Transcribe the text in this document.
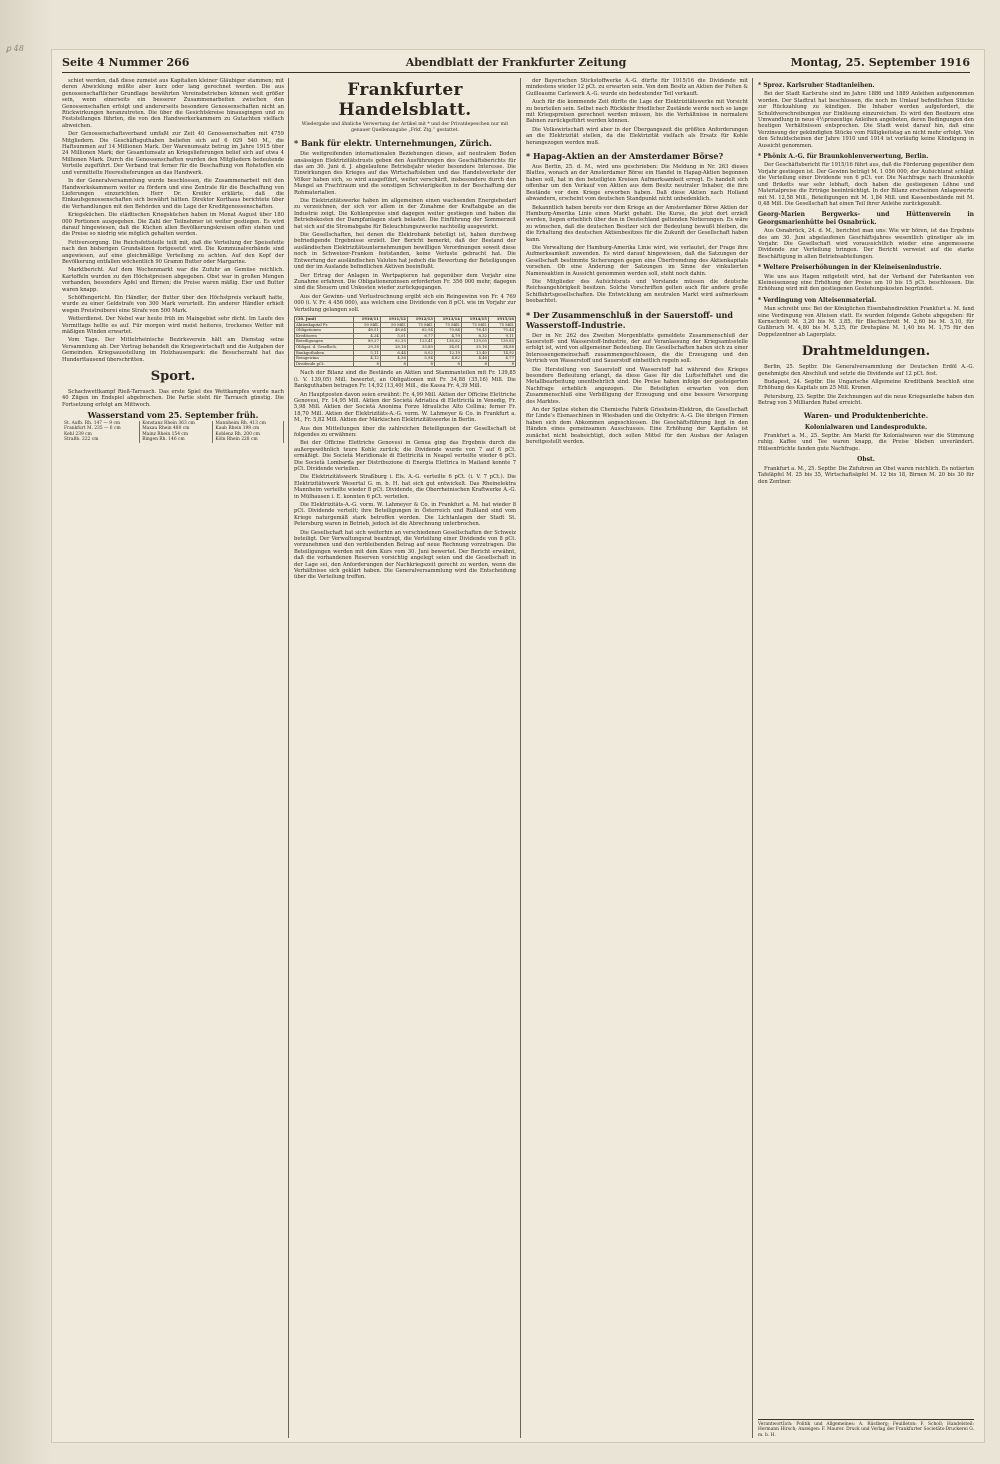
ꝑ 48
Seite 4 Nummer 266	Abendblatt der Frankfurter Zeitung	Montag, 25. September 1916

schiet werden, daß diese zumeist aus Kapitalien kleiner Gläubiger stammen; mit deren Abwicklung müßte aber kurz oder lang gerechnet werden. Die aus genossenschaftlicher Grundlage bewährten Vereinsbetrieben können weit größer sein, wenn einerseits ein besserer Zusammenarbeiten zwischen den Genossenschaften erfolgt und andererseits besondere Genossenschaften nicht an Rückwirkungen heranzutreten. Die über die Gesichtskreise hinausgingen und zu Feststellungen führten, die von den Handwerkerkammern zu Gutachten vielfach abweichen.

Der Genossenschaftsverband umfaßt zur Zeit 40 Genossenschaften mit 4759 Mitgliedern. Die Geschäftsguthaben beliefen sich auf 6 029 540 M., die Haftsummen auf 14 Millionen Mark. Der Warenumsatz betrug im Jahre 1915 über 24 Millionen Mark; der Gesamtumsatz an Kriegslieferungen belief sich auf etwa 4 Millionen Mark. Durch die Genossenschaften wurden den Mitgliedern bedeutende Vorteile zugeführt. Der Verband trat ferner für die Beschaffung von Rohstoffen ein und vermittelte Heereslieferungen an das Handwerk.

In der Generalversammlung wurde beschlossen, die Zusammenarbeit mit den Handwerkskammern weiter zu fördern und eine Zentrale für die Beschaffung von Lieferungen einzurichten. Herr Dr. Kreifer erklärte, daß die Einkaufsgenossenschaften sich bewährt hätten. Direktor Korthaus berichtete über die Verhandlungen mit den Behörden und die Lage der Kreditgenossenschaften.

Kriegsküchen. Die städtischen Kriegsküchen haben im Monat August über 180 000 Portionen ausgegeben. Die Zahl der Teilnehmer ist weiter gestiegen. Es wird darauf hingewiesen, daß die Küchen allen Bevölkerungskreisen offen stehen und die Preise so niedrig wie möglich gehalten werden.

Fettversorgung. Die Reichsfettstelle teilt mit, daß die Verteilung der Speisefette nach den bisherigen Grundsätzen fortgesetzt wird. Die Kommunalverbände sind angewiesen, auf eine gleichmäßige Verteilung zu achten. Auf den Kopf der Bevölkerung entfallen wöchentlich 90 Gramm Butter oder Margarine.

Marktbericht. Auf dem Wochenmarkt war die Zufuhr an Gemüse reichlich. Kartoffeln wurden zu den Höchstpreisen abgegeben. Obst war in großen Mengen vorhanden, besonders Äpfel und Birnen; die Preise waren mäßig. Eier und Butter waren knapp.

Schöffengericht. Ein Händler, der Butter über den Höchstpreis verkauft hatte, wurde zu einer Geldstrafe von 300 Mark verurteilt. Ein anderer Händler erhielt wegen Preistreiberei eine Strafe von 500 Mark.

Wetterdienst. Der Nebel war heute früh im Maingebiet sehr dicht. Im Laufe des Vormittags hellte es auf. Für morgen wird meist heiteres, trockenes Wetter mit mäßigen Winden erwartet.

Vom Tage. Der Mittelrheinische Bezirksverein hält am Dienstag seine Versammlung ab. Der Vortrag behandelt die Kriegswirtschaft und die Aufgaben der Gemeinden. Kriegsausstellung im Holzhausenpark: die Besucherzahl hat das Hunderttausend überschritten.

Sport.

Schachwettkampf Rieß-Tarrasch. Das erste Spiel des Wettkampfes wurde nach 40 Zügen im Endspiel abgebrochen. Die Partie steht für Tarrasch günstig. Die Fortsetzung erfolgt am Mittwoch.

Wasserstand vom 25. September früh.
St. Aufb. Rh. 147 — 9 cm	Konstanz Rhein 363 cm	Mannheim Rh. 413 cm
Frankfurt M. 235 — 6 cm	Maxau Rhein 480 cm	Kaub Rhein 198 cm
Kehl 239 cm	Mainz Rhein 154 cm	Koblenz Rh. 200 cm
Straßb. 222 cm	Bingen Rh. 146 cm	Köln Rhein 228 cm
Frankfurter Handelsblatt.
Wiedergabe und ähnliche Verwertung der Artikel mit * und der Privatdepeschen nur mit genauer Quellenangabe „Frkf. Ztg.“ gestattet.
* Bank für elektr. Unternehmungen, Zürich.

Die weitgreifenden internationalen Beziehungen dieses, auf neutralem Boden ansässigen Elektrizitätstrusts geben den Ausführungen des Geschäftsberichts für das am 30. Juni d. J. abgelaufene Betriebsjahr wieder besondere Interesse. Die Einwirkungen des Krieges auf das Wirtschaftsleben und das Handelsverkehr der Völker haben sich, so wird ausgeführt, weiter verschärft, insbesondere durch den Mangel an Frachtraum und die sonstigen Schwierigkeiten in der Beschaffung der Rohmaterialien.

Die Elektrizitätswerke haben im allgemeinen einen wachsenden Energiebedarf zu verzeichnen, der sich vor allem in der Zunahme der Kraftabgabe an die Industrie zeigt. Die Kohlenpreise sind dagegen weiter gestiegen und haben die Betriebskosten der Dampfanlagen stark belastet. Die Einführung der Sommerzeit hat sich auf die Stromabgabe für Beleuchtungszwecke nachteilig ausgewirkt.

Die Gesellschaften, bei denen die Elektrobank beteiligt ist, haben durchweg befriedigende Ergebnisse erzielt. Der Bericht bemerkt, daß der Bestand der ausländischen Elektrizitätsunternehmungen bewilligen Verordnungen soweit diese noch in Schweizer-Franken feststanden, keine Verluste gebracht hat. Die Entwertung der ausländischen Valuten hat jedoch die Bewertung der Beteiligungen und der im Auslande befindlichen Aktiven beeinflußt.

Der Ertrag der Anlagen in Wertpapieren hat gegenüber dem Vorjahr eine Zunahme erfahren. Die Obligationenzinsen erforderten Fr. 356 000 mehr, dagegen sind die Steuern und Unkosten wieder zurückgegangen.

Aus der Gewinn- und Verlustrechnung ergibt sich ein Reingewinn von Fr. 4 769 000 (i. V. Fr. 4 456 000), aus welchem eine Dividende von 8 pCt. wie im Vorjahr zur Verteilung gelangen soll.

(30. Juni)	1910/11	1911/12	1912/13	1913/14	1914/15	1915/16
Aktienkapital Fr.	50 Mill.	50 Mill.	75 Mill.	75 Mill.	75 Mill.	75 Mill.
Obligationen	48,51	48,64	62,94	70,84	76,45	75,44
Kreditoren	4,24	5,01	6,77	4,79	8,32	9,11
Beteiligungen	89,27	92,35	123,41	136,82	139,05	139,85
Obligat. d. Gesellsch.	29,38	28,16	33,80	34,01	35,16	34,88
Bankguthaben	5,11	6,44	8,02	12,19	13,40	14,92
Reingewinn	4,12	4,36	5,94	4,82	4,46	4,77
Dividende pCt.	8	8	8	8	8	8

Nach der Bilanz sind die Bestände an Aktien und Stammanteilen mit Fr. 139,85 (i. V. 139,05) Mill. bewertet, an Obligationen mit Fr. 34,88 (35,16) Mill. Die Bankguthaben betragen Fr. 14,92 (13,40) Mill., die Kassa Fr. 4,39 Mill.

An Hauptposten davon seien erwähnt: Fr. 4,99 Mill. Aktien der Officine Elettriche Genovesi, Fr. 14,95 Mill. Aktien der Società Adriatica di Elettricità in Venedig, Fr. 5,98 Mill. Aktien der Società Anonima Forze Idrauliche Alto Cellina; ferner Fr. 18,70 Mill. Aktien der Elektrizitäts-A.-G. vorm. W. Lahmeyer & Co. in Frankfurt a. M., Fr. 5,82 Mill. Aktien der Märkischen Elektrizitätswerke in Berlin.

Aus den Mitteilungen über die zahlreichen Beteiligungen der Gesellschaft ist folgendes zu erwähnen:

Bei der Officine Elettriche Genovesi in Genua ging das Ergebnis durch die außergewöhnlich teure Kohle zurück; die Dividende wurde von 7 auf 6 pCt. ermäßigt. Die Società Meridionale di Elettricità in Neapel verteilte wieder 6 pCt. Die Società Lombarda per Distribuzione di Energia Elettrica in Mailand konnte 7 pCt. Dividende verteilen.

Die Elektrizitätswerk Straßburg i. Els. A.-G. verteilte 6 pCt. (i. V. 7 pCt.). Die Elektrizitätswerk Wesertal G. m. b. H. hat sich gut entwickelt. Das Rheinelektra Mannheim verteilte wieder 8 pCt. Dividende, die Oberrheinischen Kraftwerke A.-G. in Mülhausen i. E. konnten 6 pCt. verteilen.

Die Elektrizitäts-A.-G. vorm. W. Lahmeyer & Co. in Frankfurt a. M. hat wieder 8 pCt. Dividende verteilt; ihre Beteiligungen in Österreich und Rußland sind vom Kriege naturgemäß stark betroffen worden. Die Lichtanlagen der Stadt St. Petersburg waren in Betrieb, jedoch ist die Abrechnung unterbrochen.

Die Gesellschaft hat sich weiterhin an verschiedenen Gesellschaften der Schweiz beteiligt. Der Verwaltungsrat beantragt, die Verteilung einer Dividende von 8 pCt. vorzunehmen und den verbleibenden Betrag auf neue Rechnung vorzutragen. Die Beteiligungen werden mit dem Kurs vom 30. Juni bewertet. Der Bericht erwähnt, daß die vorhandenen Reserven vorsichtig angelegt seien und die Gesellschaft in der Lage sei, den Anforderungen der Nachkriegszeit gerecht zu werden, wenn die Verhältnisse sich geklärt haben. Die Generalversammlung wird die Entscheidung über die Verteilung treffen.

der Bayerischen Stickstoffwerke A.-G. dürfte für 1915/16 die Dividende mit mindestens wieder 12 pCt. zu erwarten sein. Von dem Besitz an Aktien der Felten & Guilleaume Carlswerk A.-G. wurde ein bedeutender Teil verkauft.

Auch für die kommende Zeit dürfte die Lage der Elektrizitätswerke mit Vorsicht zu beurteilen sein. Selbst nach Rückkehr friedlicher Zustände werde noch so lange mit Kriegspreisen gerechnet werden müssen, bis die Verhältnisse in normalere Bahnen zurückgeführt werden können.

Die Volkswirtschaft wird aber in der Übergangszeit die größten Anforderungen an die Elektrizität stellen, da die Elektrizität vielfach als Ersatz für Kohle herangezogen werden muß.

* Hapag-Aktien an der Amsterdamer Börse?

Aus Berlin, 25. d. M., wird uns geschrieben: Die Meldung in Nr. 263 dieses Blattes, wonach an der Amsterdamer Börse ein Handel in Hapag-Aktien begonnen haben soll, hat in den beteiligten Kreisen Aufmerksamkeit erregt. Es handelt sich offenbar um den Verkauf von Aktien aus dem Besitz neutraler Inhaber, die ihre Bestände vor dem Kriege erworben haben. Daß diese Aktien nach Holland abwandern, erscheint vom deutschen Standpunkt nicht unbedenklich.

Bekanntlich haben bereits vor dem Kriege an der Amsterdamer Börse Aktien der Hamburg-Amerika Linie einen Markt gehabt. Die Kurse, die jetzt dort erzielt werden, liegen erheblich über den in Deutschland geltenden Notierungen. Es wäre zu wünschen, daß die deutschen Besitzer sich der Bedeutung bewußt bleiben, die die Erhaltung des deutschen Aktienbesitzes für die Zukunft der Gesellschaft haben kann.

Die Verwaltung der Hamburg-Amerika Linie wird, wie verlautet, der Frage ihre Aufmerksamkeit zuwenden. Es wird darauf hingewiesen, daß die Satzungen der Gesellschaft bestimmte Sicherungen gegen eine Überfremdung des Aktienkapitals vorsehen. Ob eine Änderung der Satzungen im Sinne der vinkulierten Namensaktien in Aussicht genommen werden soll, steht noch dahin.

Die Mitglieder des Aufsichtsrats und Vorstands müssen die deutsche Reichsangehörigkeit besitzen. Solche Vorschriften gelten auch für andere große Schiffahrtsgesellschaften. Die Entwicklung am neutralen Markt wird aufmerksam beobachtet.

* Der Zusammenschluß in der Sauerstoff- und Wasserstoff-Industrie.

Der in Nr. 262 des Zweiten Morgenblatts gemeldete Zusammenschluß der Sauerstoff- und Wasserstoff-Industrie, der auf Veranlassung der Kriegsamtsstelle erfolgt ist, wird von allgemeiner Bedeutung. Die Gesellschaften haben sich zu einer Interessengemeinschaft zusammengeschlossen, die die Erzeugung und den Vertrieb von Wasserstoff und Sauerstoff einheitlich regeln soll.

Die Herstellung von Sauerstoff und Wasserstoff hat während des Krieges besondere Bedeutung erlangt, da diese Gase für die Luftschiffahrt und die Metallbearbeitung unentbehrlich sind. Die Preise haben infolge der gesteigerten Nachfrage erheblich angezogen. Die Beteiligten erwarten von dem Zusammenschluß eine Verbilligung der Erzeugung und eine bessere Versorgung des Marktes.

An der Spitze stehen die Chemische Fabrik Griesheim-Elektron, die Gesellschaft für Linde’s Eismaschinen in Wiesbaden und die Oxhydric A.-G. Die übrigen Firmen haben sich dem Abkommen angeschlossen. Die Geschäftsführung liegt in den Händen eines gemeinsamen Ausschusses. Eine Erhöhung der Kapitalien ist zunächst nicht beabsichtigt, doch sollen Mittel für den Ausbau der Anlagen bereitgestellt werden.

* Sproz. Karlsruher Stadtanleihen.

Bei der Stadt Karlsruhe sind im Jahre 1886 und 1889 Anleihen aufgenommen worden. Der Stadtrat hat beschlossen, die noch im Umlauf befindlichen Stücke zur Rückzahlung zu kündigen. Die Inhaber werden aufgefordert, die Schuldverschreibungen zur Einlösung einzureichen. Es wird den Besitzern eine Umwandlung in neue 4½prozentige Anleihen angeboten, deren Bedingungen den heutigen Verhältnissen entsprechen. Die Stadt weist darauf hin, daß eine Verzinsung der gekündigten Stücke vom Fälligkeitstag an nicht mehr erfolgt. Von den Schuldscheinen der Jahre 1910 und 1914 ist vorläufig keine Kündigung in Aussicht genommen.

* Phönix A.-G. für Braunkohlenverwertung, Berlin.

Der Geschäftsbericht für 1915/16 führt aus, daß die Förderung gegenüber dem Vorjahr gestiegen ist. Der Gewinn beträgt M. 1 056 000; der Aufsichtsrat schlägt die Verteilung einer Dividende von 6 pCt. vor. Die Nachfrage nach Braunkohle und Briketts war sehr lebhaft, doch haben die gestiegenen Löhne und Materialpreise die Erträge beeinträchtigt. In der Bilanz erscheinen Anlagewerte mit M. 12,58 Mill., Beteiligungen mit M. 1,84 Mill. und Kassenbestände mit M. 0,48 Mill. Die Gesellschaft hat einen Teil ihrer Anleihe zurückgezahlt.

Georg-Marien Bergwerks- und Hüttenverein in Georgsmarienhütte bei Osnabrück.

Aus Osnabrück, 24. d. M., berichtet man uns: Wie wir hören, ist das Ergebnis des am 30. Juni abgelaufenen Geschäftsjahres wesentlich günstiger als im Vorjahr. Die Gesellschaft wird voraussichtlich wieder eine angemessene Dividende zur Verteilung bringen. Der Bericht verweist auf die starke Beschäftigung in allen Betriebsabteilungen.

* Weltere Preiserhöhungen in der Kleineisenindustrie.

Wie uns aus Hagen mitgeteilt wird, hat der Verband der Fabrikanten von Kleineisenzeug eine Erhöhung der Preise um 10 bis 15 pCt. beschlossen. Die Erhöhung wird mit den gestiegenen Gestehungskosten begründet.

* Verdingung von Alteisenmaterial.

Man schreibt uns: Bei der Königlichen Eisenbahndirektion Frankfurt a. M. fand eine Verdingung von Alteisen statt. Es wurden folgende Gebote abgegeben: für Kernschrott M. 3,20 bis M. 3,85, für Blechschrott M. 2,60 bis M. 3,10, für Gußbruch M. 4,80 bis M. 5,25, für Drehspäne M. 1,40 bis M. 1,75 für den Doppelzentner ab Lagerplatz.

Drahtmeldungen.

Berlin, 25. Septbr. Die Generalversammlung der Deutschen Erdöl A.-G. genehmigte den Abschluß und setzte die Dividende auf 12 pCt. fest.

Budapest, 24. Septbr. Die Ungarische Allgemeine Kreditbank beschloß eine Erhöhung des Kapitals um 25 Mill. Kronen.

Petersburg, 23. Septbr. Die Zeichnungen auf die neue Kriegsanleihe haben den Betrag von 3 Milliarden Rubel erreicht.

Waren- und Produktenberichte.
Kolonialwaren und Landesprodukte.

Frankfurt a. M., 25. Septbr. Am Markt für Kolonialwaren war die Stimmung ruhig. Kaffee und Tee waren knapp, die Preise blieben unverändert. Hülsenfrüchte fanden gute Nachfrage.

Obst.

Frankfurt a. M., 25. Septbr. Die Zufuhren an Obst waren reichlich. Es notierten Tafeläpfel M. 25 bis 35, Wirtschaftsäpfel M. 12 bis 18, Birnen M. 20 bis 30 für den Zentner.

Verantwortlich: Politik und Allgemeines: A. Rüstberg; Feuilleton: F. Scholl; Handelsteil: Hermann Hirsch; Anzeigen: F. Maurer. Druck und Verlag der Frankfurter Societäts-Druckerei G. m. b. H.
